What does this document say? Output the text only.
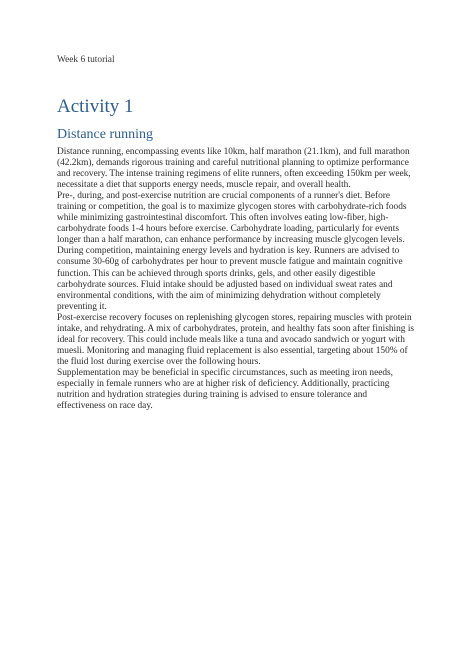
Week 6 tutorial

Activity 1
Distance running

Distance running, encompassing events like 10km, half marathon (21.1km), and full marathon (42.2km), demands rigorous training and careful nutritional planning to optimize performance and recovery. The intense training regimens of elite runners, often exceeding 150km per week, necessitate a diet that supports energy needs, muscle repair, and overall health.

Pre-, during, and post-exercise nutrition are crucial components of a runner's diet. Before training or competition, the goal is to maximize glycogen stores with carbohydrate-rich foods while minimizing gastrointestinal discomfort. This often involves eating low-fiber, high-carbohydrate foods 1-4 hours before exercise. Carbohydrate loading, particularly for events longer than a half marathon, can enhance performance by increasing muscle glycogen levels.

During competition, maintaining energy levels and hydration is key. Runners are advised to consume 30-60g of carbohydrates per hour to prevent muscle fatigue and maintain cognitive function. This can be achieved through sports drinks, gels, and other easily digestible carbohydrate sources. Fluid intake should be adjusted based on individual sweat rates and environmental conditions, with the aim of minimizing dehydration without completely preventing it.

Post-exercise recovery focuses on replenishing glycogen stores, repairing muscles with protein intake, and rehydrating. A mix of carbohydrates, protein, and healthy fats soon after finishing is ideal for recovery. This could include meals like a tuna and avocado sandwich or yogurt with muesli. Monitoring and managing fluid replacement is also essential, targeting about 150% of the fluid lost during exercise over the following hours.

Supplementation may be beneficial in specific circumstances, such as meeting iron needs, especially in female runners who are at higher risk of deficiency. Additionally, practicing nutrition and hydration strategies during training is advised to ensure tolerance and effectiveness on race day.
